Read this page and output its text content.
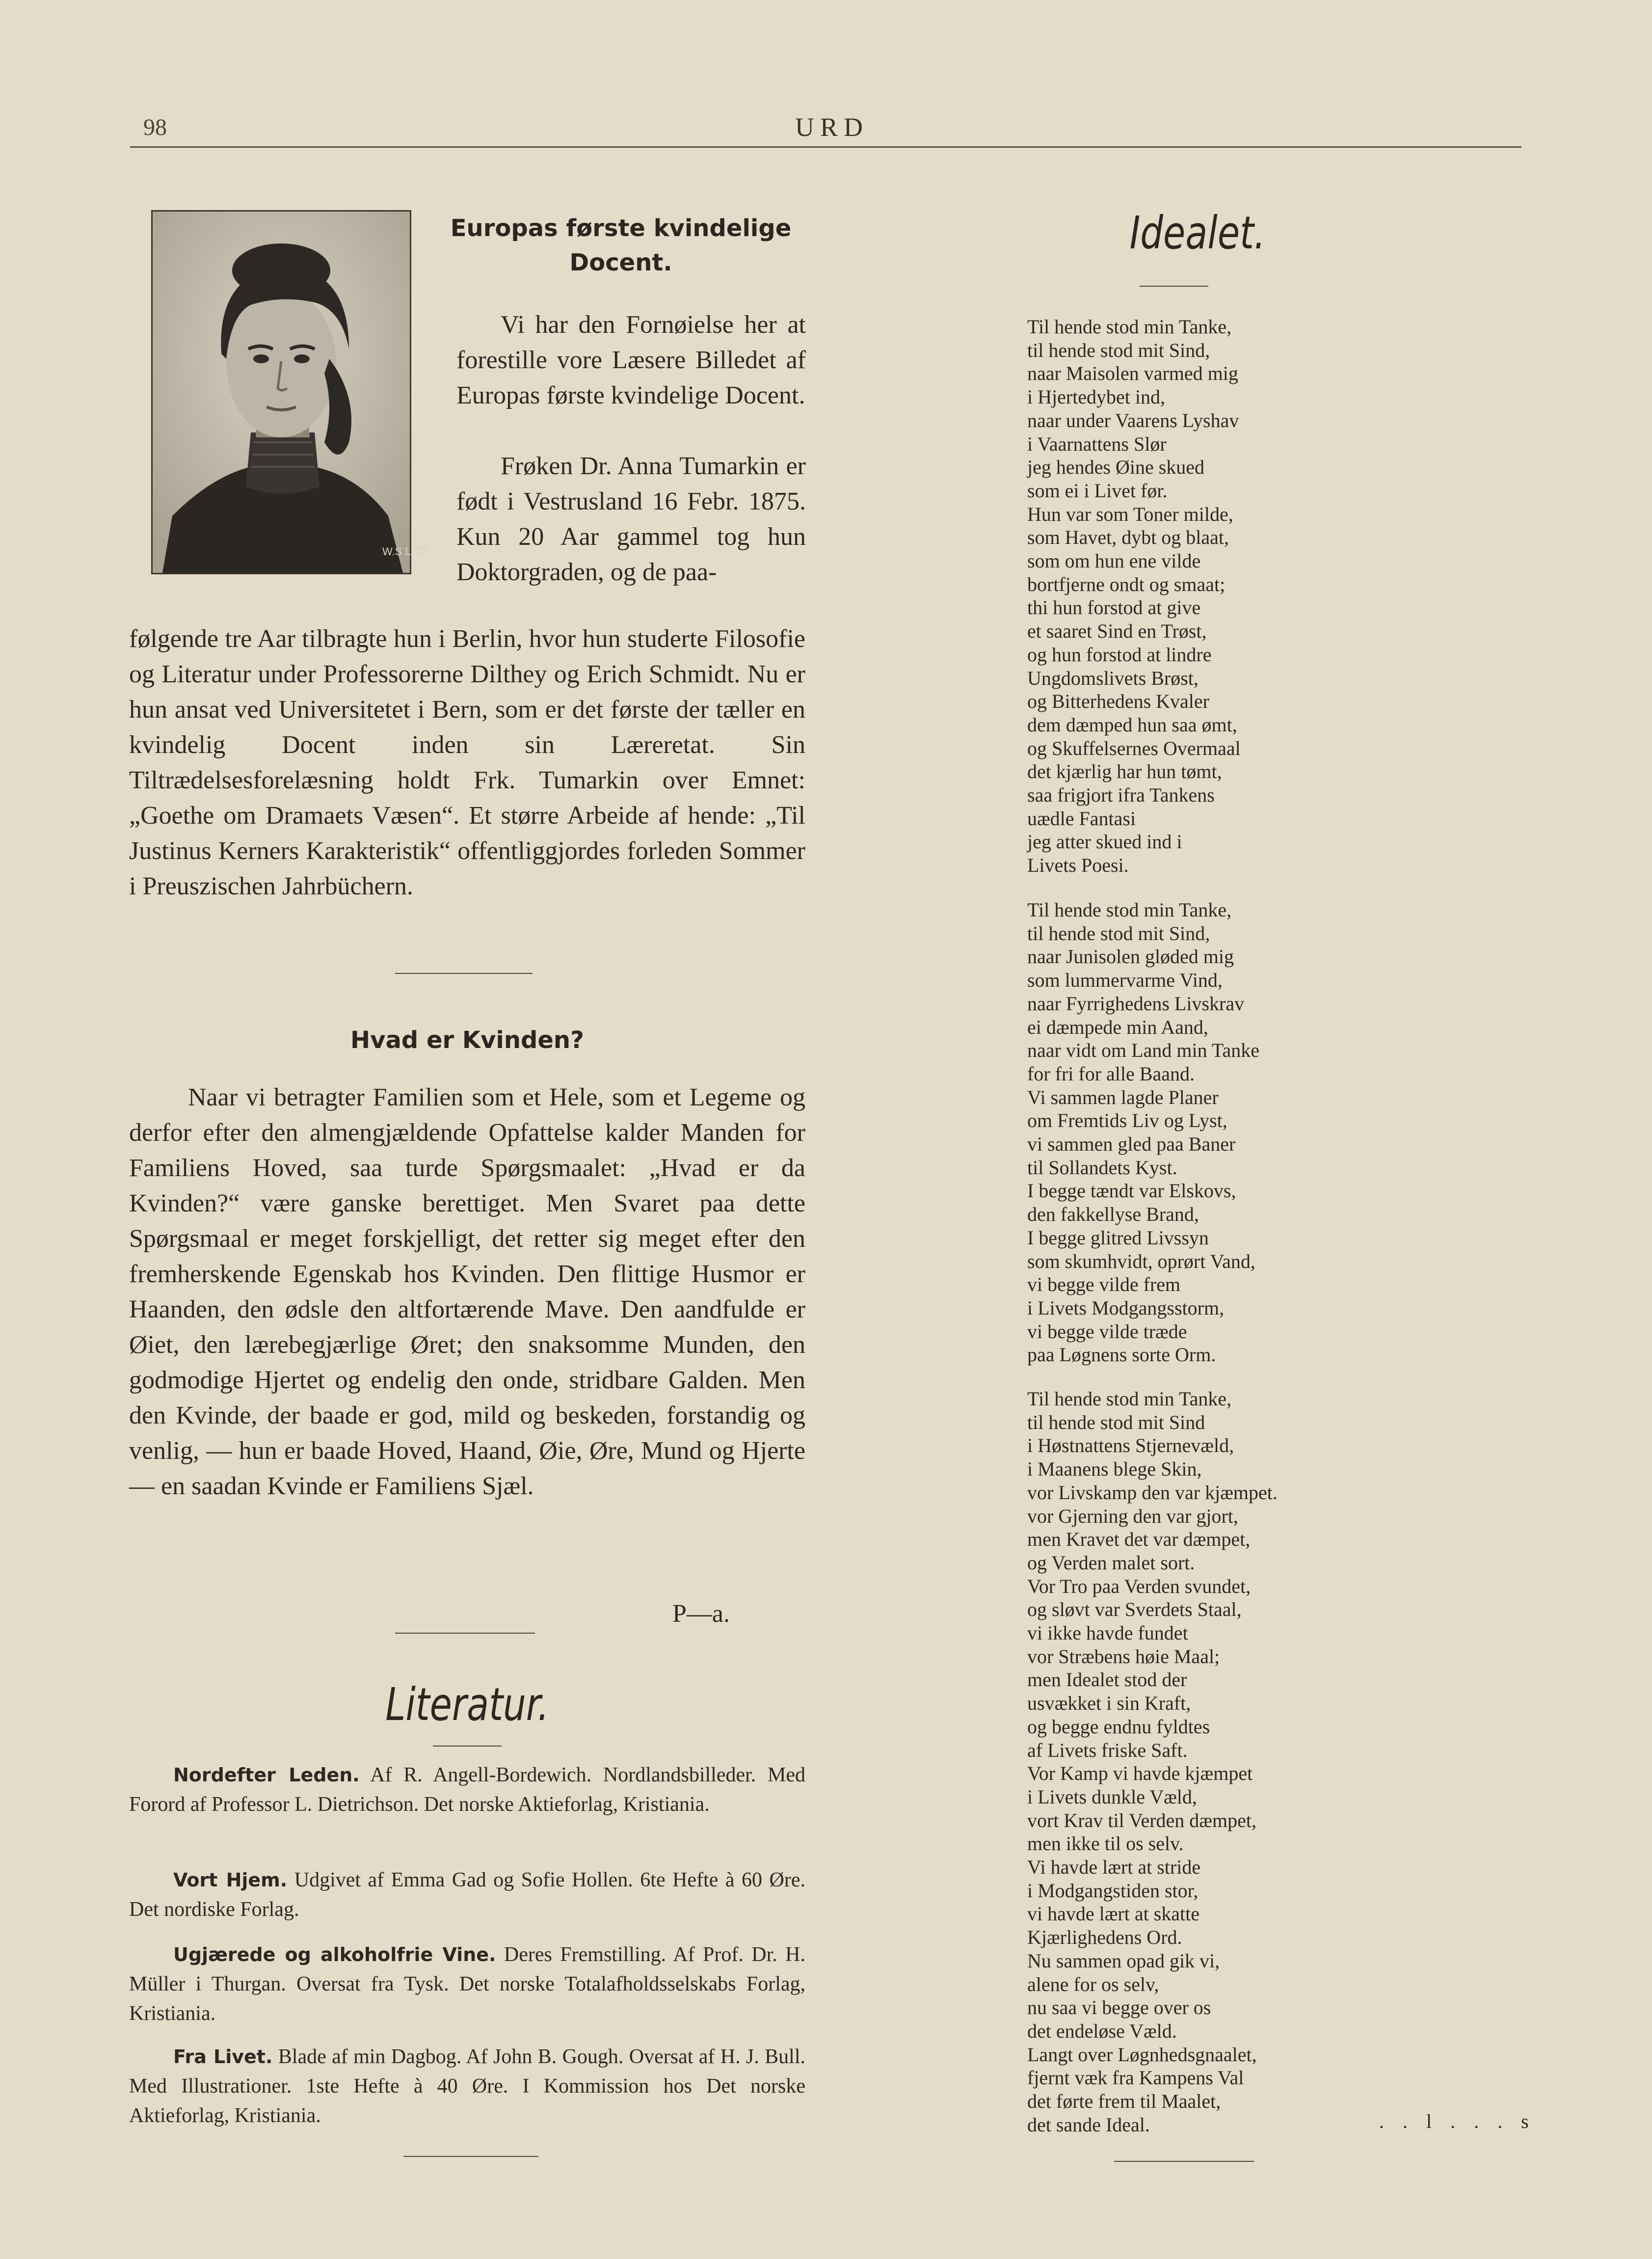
98	URD
W.S L.C3
Europas første kvindelige
Docent.
Vi har den Fornøielse her at forestille vore Læsere Billedet af Europas første kvindelige Docent.

Frøken Dr. Anna Tumarkin er født i Vestrusland 16 Febr. 1875. Kun 20 Aar gammel tog hun Doktorgraden, og de paa-

følgende tre Aar tilbragte hun i Berlin, hvor hun studerte Filosofie og Literatur under Professorerne Dilthey og Erich Schmidt. Nu er hun ansat ved Universitetet i Bern, som er det første der tæller en kvindelig Docent inden sin Læreretat. Sin Tiltrædelsesforelæsning holdt Frk. Tumarkin over Emnet: „Goethe om Dramaets Væsen“. Et større Arbeide af hende: „Til Justinus Kerners Karakteristik“ offentliggjordes forleden Sommer i Preuszischen Jahrbüchern.
Hvad er Kvinden?
Naar vi betragter Familien som et Hele, som et Legeme og derfor efter den almengjældende Opfattelse kalder Manden for Familiens Hoved, saa turde Spørgsmaalet: „Hvad er da Kvinden?“ være ganske berettiget. Men Svaret paa dette Spørgsmaal er meget forskjelligt, det retter sig meget efter den fremherskende Egenskab hos Kvinden. Den flittige Husmor er Haanden, den ødsle den altfortærende Mave. Den aandfulde er Øiet, den lærebegjærlige Øret; den snaksomme Munden, den godmodige Hjertet og endelig den onde, stridbare Galden. Men den Kvinde, der baade er god, mild og beskeden, forstandig og venlig, — hun er baade Hoved, Haand, Øie, Øre, Mund og Hjerte — en saadan Kvinde er Familiens Sjæl.
P—a.
Literatur.
Nordefter Leden. Af R. Angell-Bordewich. Nordlandsbilleder. Med Forord af Professor L. Dietrichson. Det norske Aktieforlag, Kristiania.
Vort Hjem. Udgivet af Emma Gad og Sofie Hollen. 6te Hefte à 60 Øre. Det nordiske Forlag.
Ugjærede og alkoholfrie Vine. Deres Fremstilling. Af Prof. Dr. H. Müller i Thurgan. Oversat fra Tysk. Det norske Totalafholdsselskabs Forlag, Kristiania.
Fra Livet. Blade af min Dagbog. Af John B. Gough. Oversat af H. J. Bull. Med Illustrationer. 1ste Hefte à 40 Øre. I Kommission hos Det norske Aktieforlag, Kristiania.
Idealet.
Til hende stod min Tanke,
til hende stod mit Sind,
naar Maisolen varmed mig
i Hjertedybet ind,
naar under Vaarens Lyshav
i Vaarnattens Slør
jeg hendes Øine skued
som ei i Livet før.
Hun var som Toner milde,
som Havet, dybt og blaat,
som om hun ene vilde
bortfjerne ondt og smaat;
thi hun forstod at give
et saaret Sind en Trøst,
og hun forstod at lindre
Ungdomslivets Brøst,
og Bitterhedens Kvaler
dem dæmped hun saa ømt,
og Skuffelsernes Overmaal
det kjærlig har hun tømt,
saa frigjort ifra Tankens
uædle Fantasi
jeg atter skued ind i
Livets Poesi.
Til hende stod min Tanke,
til hende stod mit Sind,
naar Junisolen gløded mig
som lummervarme Vind,
naar Fyrrighedens Livskrav
ei dæmpede min Aand,
naar vidt om Land min Tanke
for fri for alle Baand.
Vi sammen lagde Planer
om Fremtids Liv og Lyst,
vi sammen gled paa Baner
til Sollandets Kyst.
I begge tændt var Elskovs,
den fakkellyse Brand,
I begge glitred Livssyn
som skumhvidt, oprørt Vand,
vi begge vilde frem
i Livets Modgangsstorm,
vi begge vilde træde
paa Løgnens sorte Orm.
Til hende stod min Tanke,
til hende stod mit Sind
i Høstnattens Stjernevæld,
i Maanens blege Skin,
vor Livskamp den var kjæmpet.
vor Gjerning den var gjort,
men Kravet det var dæmpet,
og Verden malet sort.
Vor Tro paa Verden svundet,
og sløvt var Sverdets Staal,
vi ikke havde fundet
vor Stræbens høie Maal;
men Idealet stod der
usvækket i sin Kraft,
og begge endnu fyldtes
af Livets friske Saft.
Vor Kamp vi havde kjæmpet
i Livets dunkle Væld,
vort Krav til Verden dæmpet,
men ikke til os selv.
Vi havde lært at stride
i Modgangstiden stor,
vi havde lært at skatte
Kjærlighedens Ord.
Nu sammen opad gik vi,
alene for os selv,
nu saa vi begge over os
det endeløse Væld.
Langt over Løgnhedsgnaalet,
fjernt væk fra Kampens Val
det førte frem til Maalet,
det sande Ideal.	. . l . . . s
